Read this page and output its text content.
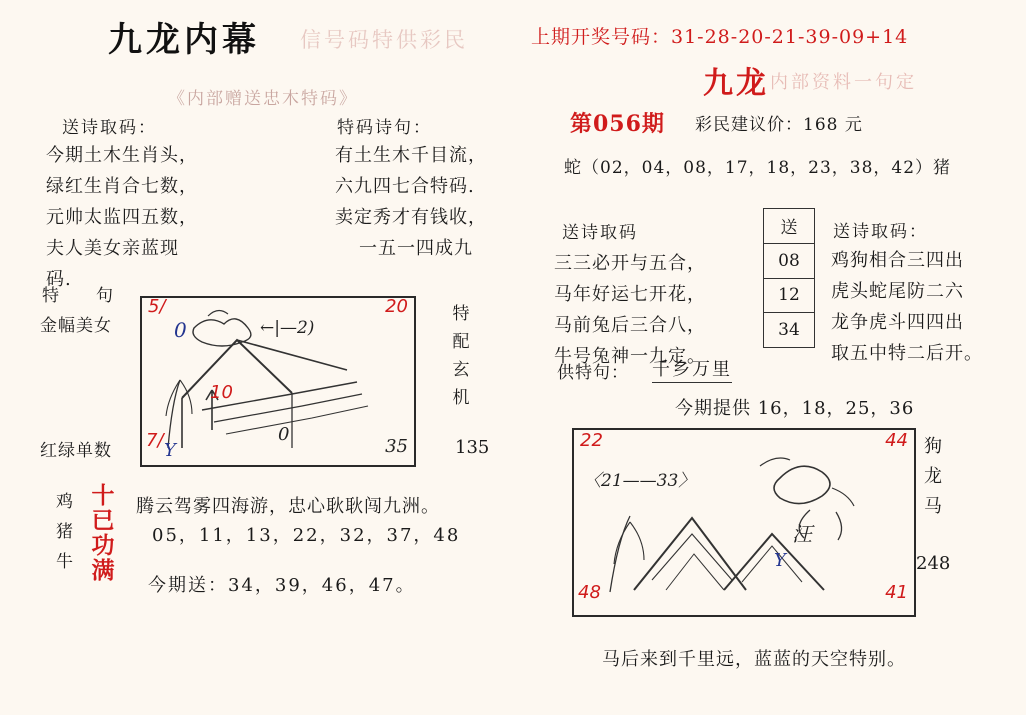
九龙内幕 信号码特供彩民
《内部赠送忠木特码》
送诗取码：	特码诗句：
今期土木生肖头，
绿红生肖合七数，
元帅太监四五数，
夫人美女亲蓝现
码.
有土生木千目流，
六九四七合特码.
卖定秀才有钱收，
一五一四成九
特　句
金幅美女
红绿单数
特配玄机
135
5/	20
0	←|—2)
10
7/ Y
0
35
鸡
猪
牛
十
已
功
满
腾云驾雾四海游，忠心耿耿闯九洲。
05，11，13，22，32，37，48
今期送：34，39，46，47。
上期开奖号码：31-28-20-21-39-09+14
九龙 内部资料一句定
第056期 彩民建议价：168 元
蛇（02，04，08，17，18，23，38，42）猪
送诗取码	送诗取码：
三三必开与五合，
马年好运七开花，
马前兔后三合八，
牛号兔神一九定。
送
08
12
34
鸡狗相合三四出
虎头蛇尾防二六
龙争虎斗四四出
取五中特二后开。
供特句： 千乡万里
今期提供 16，18，25，36
22	44
〈21——33〉
汪
Y
48	41
狗龙马
248
马后来到千里远，蓝蓝的天空特别。
